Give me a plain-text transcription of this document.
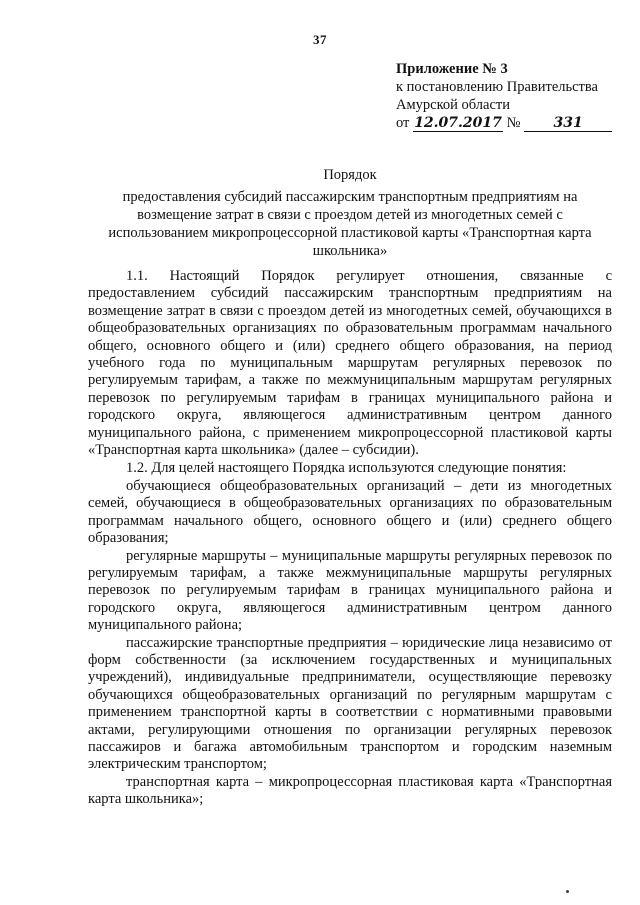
37
Приложение № 3
к постановлению Правительства
Амурской области
от 12.07.2017 № 331
Порядок
предоставления субсидий пассажирским транспортным предприятиям на возмещение затрат в связи с проездом детей из многодетных семей с использованием микропроцессорной пластиковой карты «Транспортная карта школьника»

1.1. Настоящий Порядок регулирует отношения, связанные с предоставлением субсидий пассажирским транспортным предприятиям на возмещение затрат в связи с проездом детей из многодетных семей, обучающихся в общеобразовательных организациях по образовательным программам начального общего, основного общего и (или) среднего общего образования, на период учебного года по муниципальным маршрутам регулярных перевозок по регулируемым тарифам, а также по межмуниципальным маршрутам регулярных перевозок по регулируемым тарифам в границах муниципального района и городского округа, являющегося административным центром данного муниципального района, с применением микропроцессорной пластиковой карты «Транспортная карта школьника» (далее – субсидии).

1.2. Для целей настоящего Порядка используются следующие понятия:

обучающиеся общеобразовательных организаций – дети из многодетных семей, обучающиеся в общеобразовательных организациях по образовательным программам начального общего, основного общего и (или) среднего общего образования;

регулярные маршруты – муниципальные маршруты регулярных перевозок по регулируемым тарифам, а также межмуниципальные маршруты регулярных перевозок по регулируемым тарифам в границах муниципального района и городского округа, являющегося административным центром данного муниципального района;

пассажирские транспортные предприятия – юридические лица независимо от форм собственности (за исключением государственных и муниципальных учреждений), индивидуальные предприниматели, осуществляющие перевозку обучающихся общеобразовательных организаций по регулярным маршрутам с применением транспортной карты в соответствии с нормативными правовыми актами, регулирующими отношения по организации регулярных перевозок пассажиров и багажа автомобильным транспортом и городским наземным электрическим транспортом;

транспортная карта – микропроцессорная пластиковая карта «Транспортная карта школьника»;
